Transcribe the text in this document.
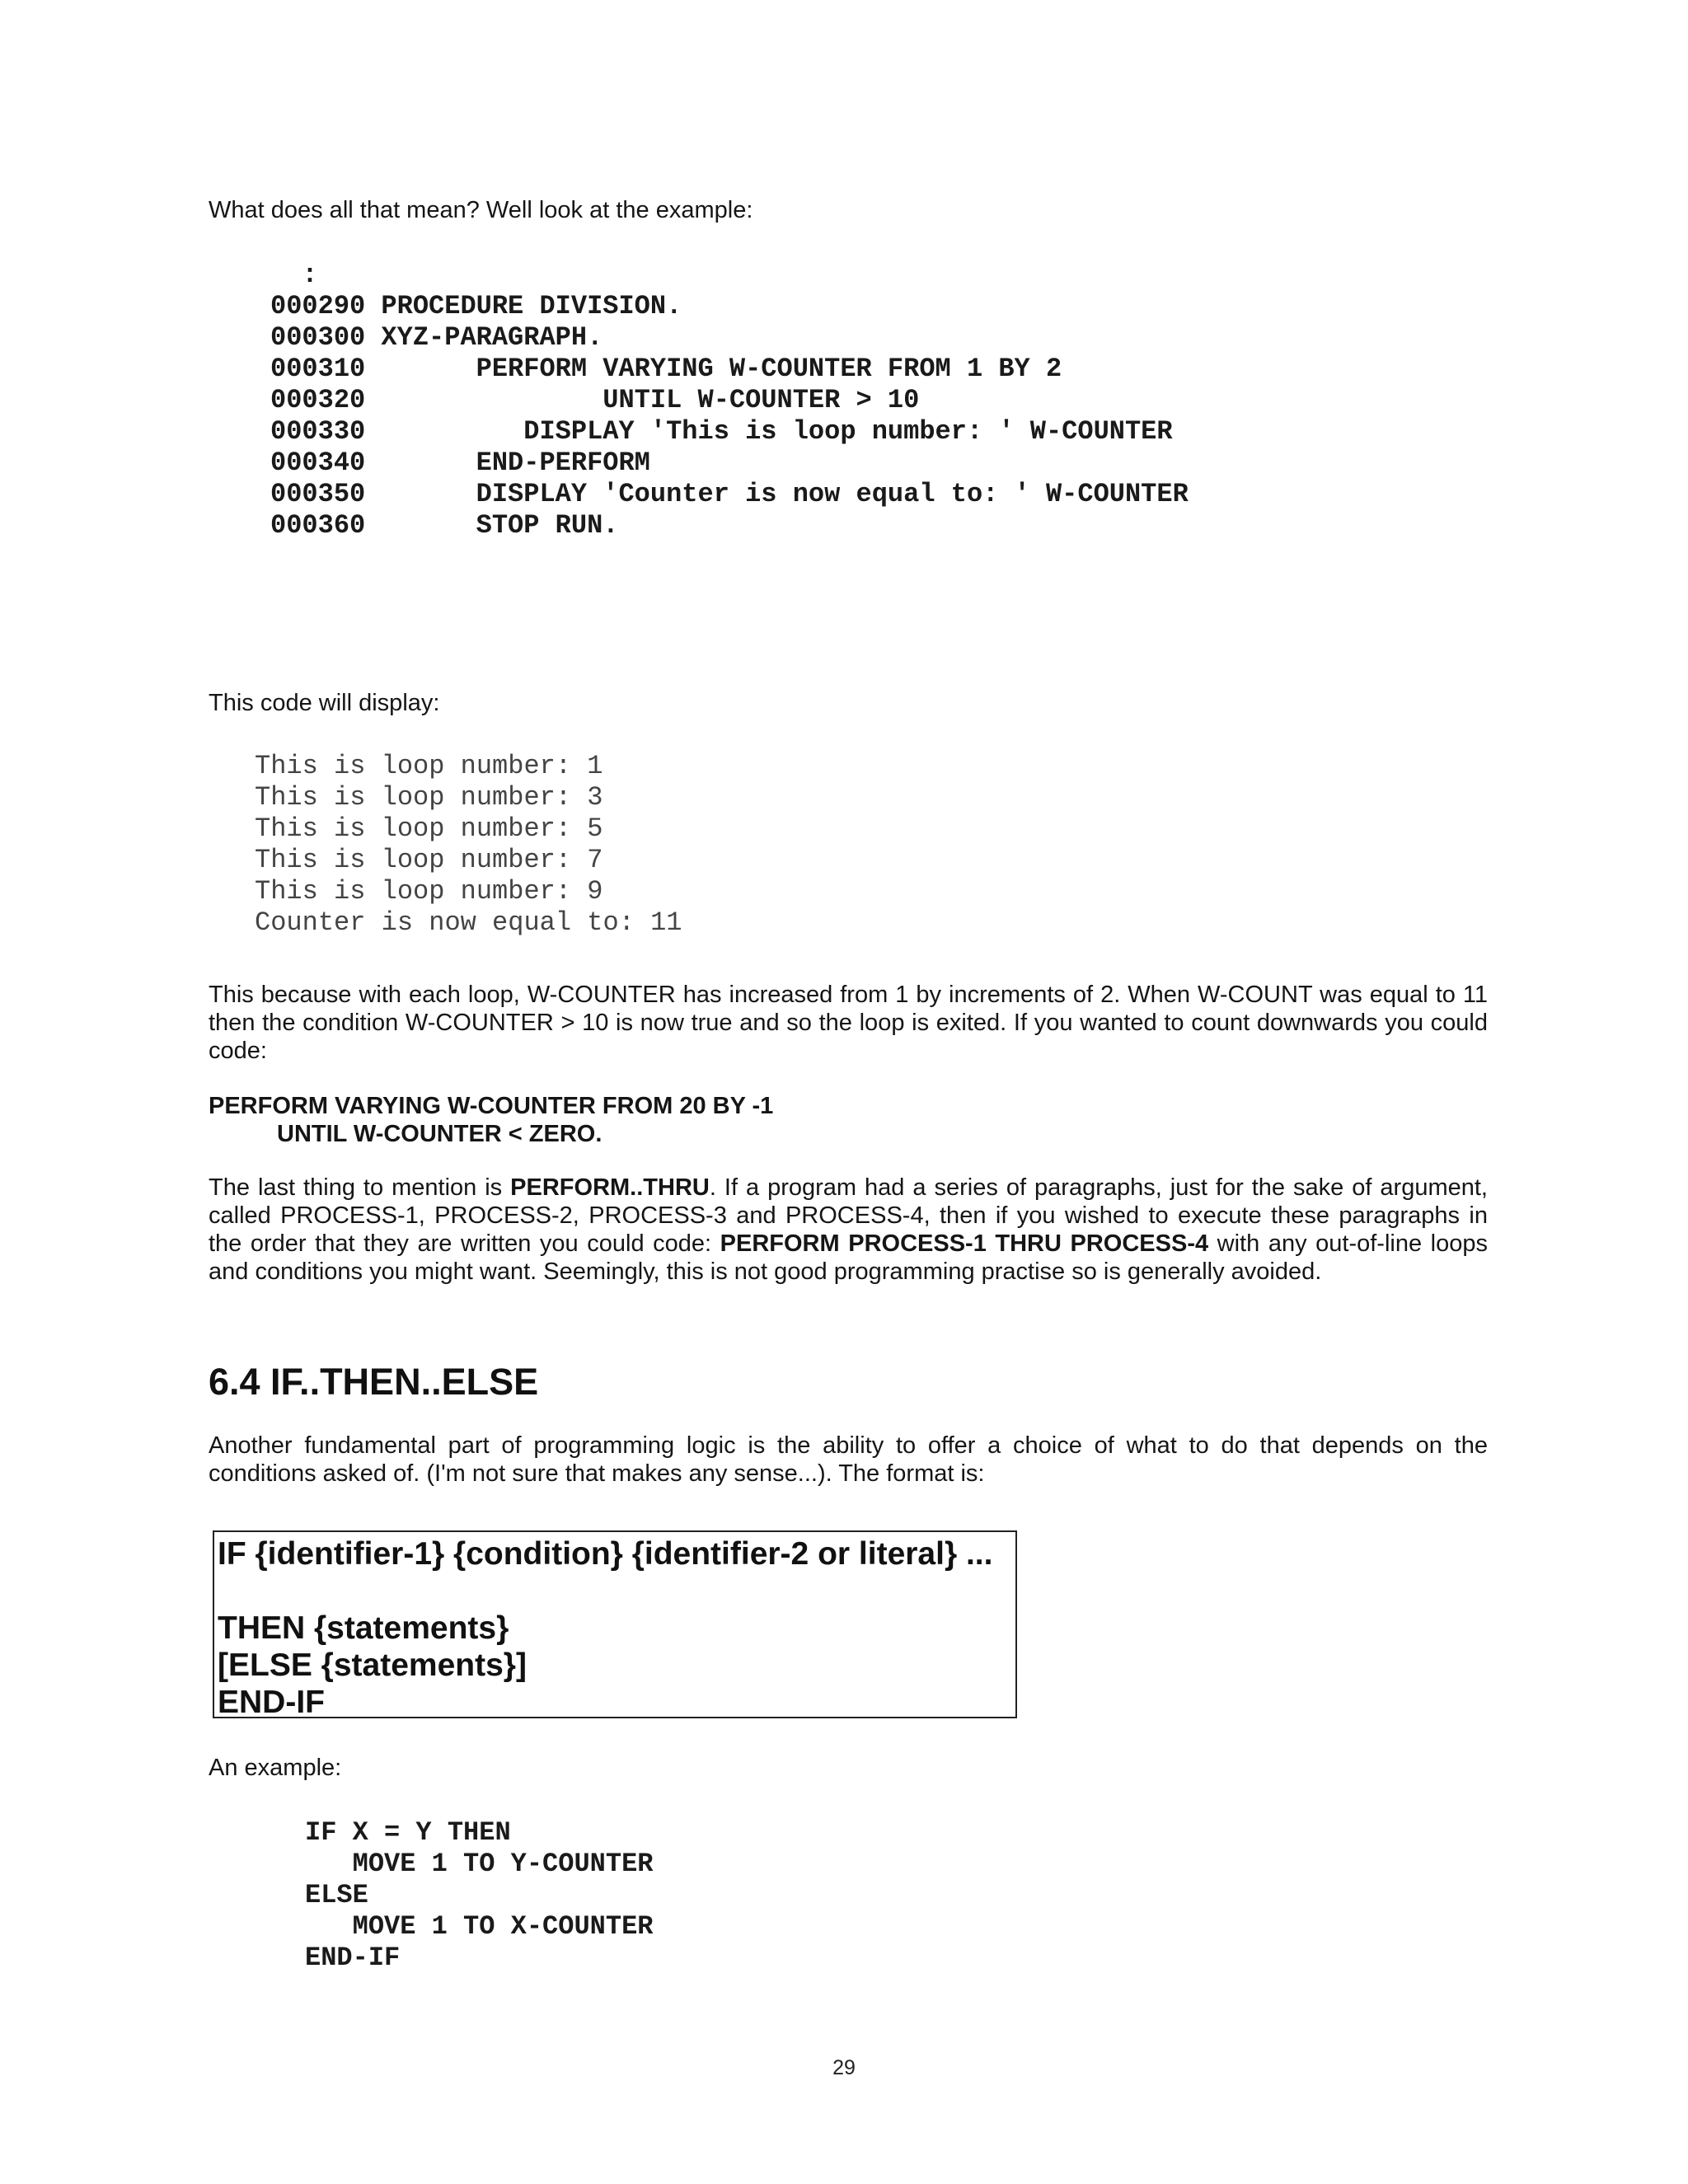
What does all that mean? Well look at the example:

:
000290 PROCEDURE DIVISION.
000300 XYZ-PARAGRAPH.
000310       PERFORM VARYING W-COUNTER FROM 1 BY 2
000320               UNTIL W-COUNTER > 10
000330          DISPLAY 'This is loop number: ' W-COUNTER
000340       END-PERFORM
000350       DISPLAY 'Counter is now equal to: ' W-COUNTER
000360       STOP RUN.

This code will display:

This is loop number: 1
This is loop number: 3
This is loop number: 5
This is loop number: 7
This is loop number: 9
Counter is now equal to: 11

This because with each loop, W-COUNTER has increased from 1 by increments of 2. When W-COUNT was equal to 11 then the condition W-COUNTER > 10 is now true and so the loop is exited. If you wanted to count downwards you could code:

PERFORM VARYING W-COUNTER FROM 20 BY -1

UNTIL W-COUNTER < ZERO.

The last thing to mention is PERFORM..THRU. If a program had a series of paragraphs, just for the sake of argument, called PROCESS-1, PROCESS-2, PROCESS-3 and PROCESS-4, then if you wished to execute these paragraphs in the order that they are written you could code: PERFORM PROCESS-1 THRU PROCESS-4 with any out-of-line loops and conditions you might want. Seemingly, this is not good programming practise so is generally avoided.

6.4 IF..THEN..ELSE

Another fundamental part of programming logic is the ability to offer a choice of what to do that depends on the conditions asked of. (I'm not sure that makes any sense...). The format is:

IF {identifier-1} {condition} {identifier-2 or literal} ...
THEN {statements}
[ELSE {statements}]
END-IF

An example:

IF X = Y THEN
MOVE 1 TO Y-COUNTER
ELSE
MOVE 1 TO X-COUNTER
END-IF
29
